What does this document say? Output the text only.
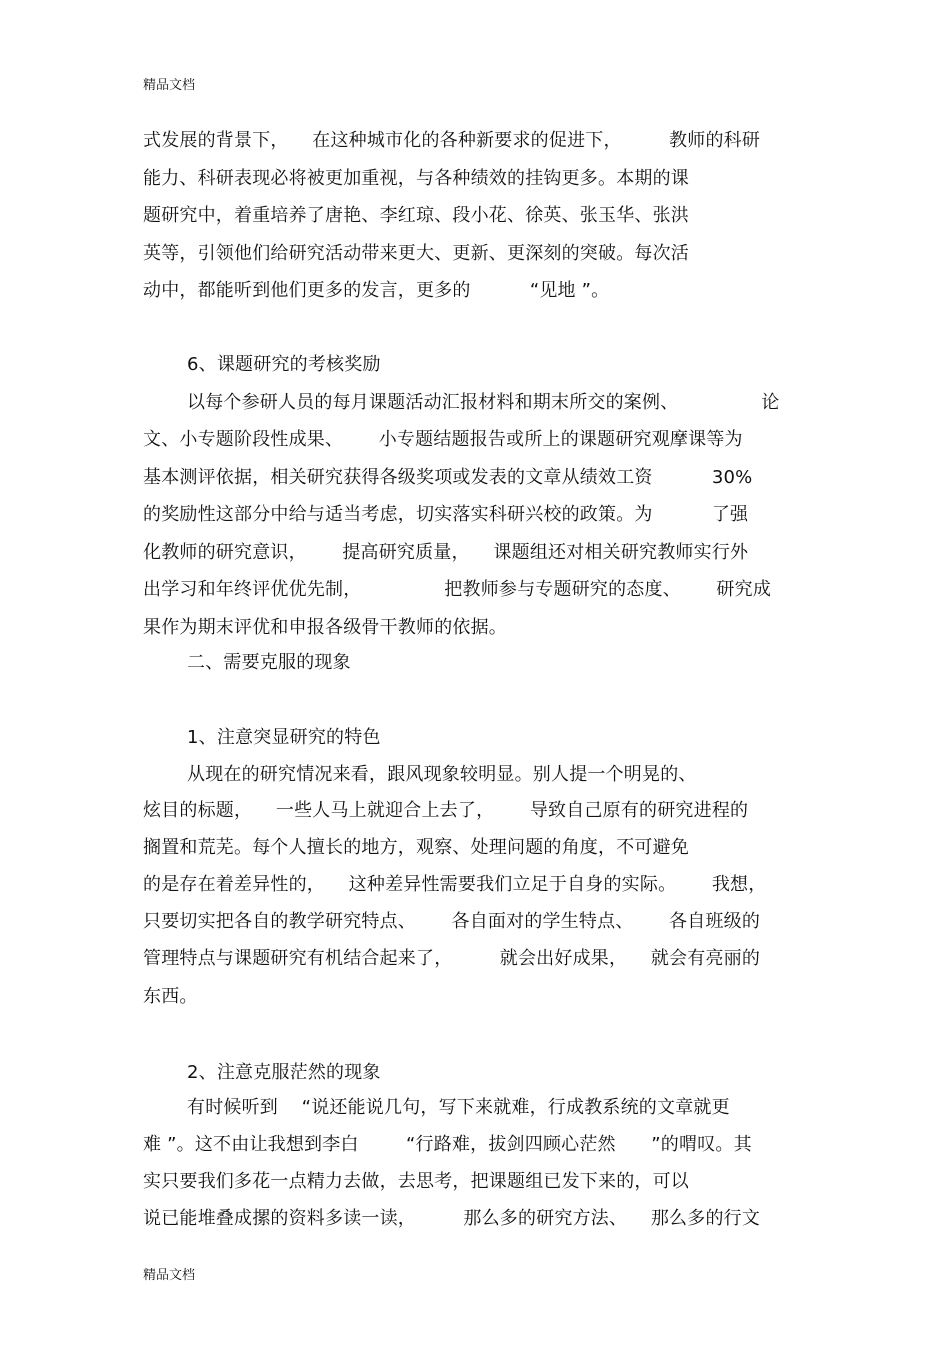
精品文档
式发展的背景下，    在这种城市化的各种新要求的促进下，        教师的科研
能力、科研表现必将被更加重视，与各种绩效的挂钩更多。本期的课
题研究中，着重培养了唐艳、李红琼、段小花、徐英、张玉华、张洪
英等，引领他们给研究活动带来更大、更新、更深刻的突破。每次活
动中，都能听到他们更多的发言，更多的          “见地 ”。
6、课题研究的考核奖励
以每个参研人员的每月课题活动汇报材料和期末所交的案例、              论
文、小专题阶段性成果、      小专题结题报告或所上的课题研究观摩课等为
基本测评依据，相关研究获得各级奖项或发表的文章从绩效工资          30%
的奖励性这部分中给与适当考虑，切实落实科研兴校的政策。为          了强
化教师的研究意识，      提高研究质量，    课题组还对相关研究教师实行外
出学习和年终评优优先制，              把教师参与专题研究的态度、      研究成
果作为期末评优和申报各级骨干教师的依据。
二、需要克服的现象
1、注意突显研究的特色
从现在的研究情况来看，跟风现象较明显。别人提一个明晃的、
炫目的标题，    一些人马上就迎合上去了，      导致自己原有的研究进程的
搁置和荒芜。每个人擅长的地方，观察、处理问题的角度，不可避免
的是存在着差异性的，    这种差异性需要我们立足于自身的实际。      我想，
只要切实把各自的教学研究特点、      各自面对的学生特点、      各自班级的
管理特点与课题研究有机结合起来了，        就会出好成果，    就会有亮丽的
东西。
2、注意克服茫然的现象
有时候听到    “说还能说几句，写下来就难，行成教系统的文章就更
难 ”。这不由让我想到李白        “行路难，拔剑四顾心茫然      ”的喟叹。其
实只要我们多花一点精力去做，去思考，把课题组已发下来的，可以
说已能堆叠成摞的资料多读一读，        那么多的研究方法、    那么多的行文
精品文档
